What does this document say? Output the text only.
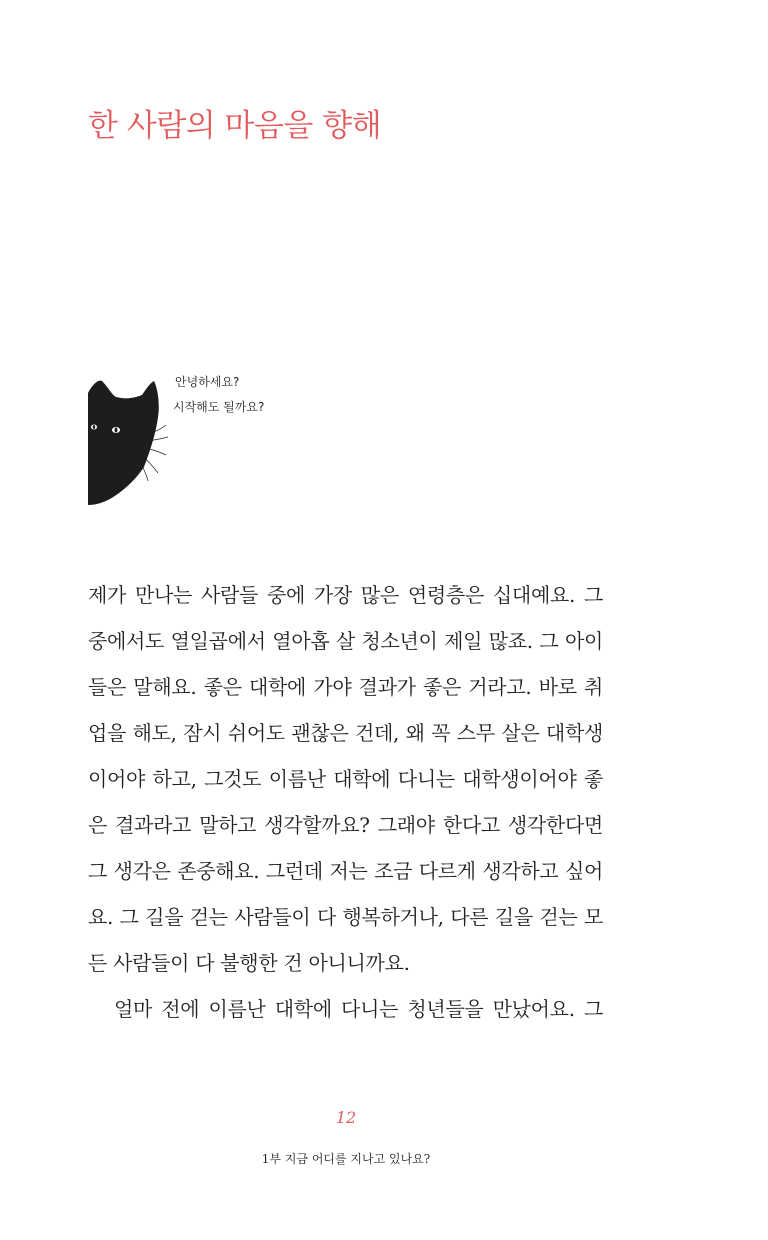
한 사람의 마음을 향해
안녕하세요?
시작해도 될까요?
제가 만나는 사람들 중에 가장 많은 연령층은 십대예요. 그
중에서도 열일곱에서 열아홉 살 청소년이 제일 많죠. 그 아이
들은 말해요. 좋은 대학에 가야 결과가 좋은 거라고. 바로 취
업을 해도, 잠시 쉬어도 괜찮은 건데, 왜 꼭 스무 살은 대학생
이어야 하고, 그것도 이름난 대학에 다니는 대학생이어야 좋
은 결과라고 말하고 생각할까요? 그래야 한다고 생각한다면
그 생각은 존중해요. 그런데 저는 조금 다르게 생각하고 싶어
요. 그 길을 걷는 사람들이 다 행복하거나, 다른 길을 걷는 모
든 사람들이 다 불행한 건 아니니까요.
얼마 전에 이름난 대학에 다니는 청년들을 만났어요. 그
12
1부 지금 어디를 지나고 있나요?
